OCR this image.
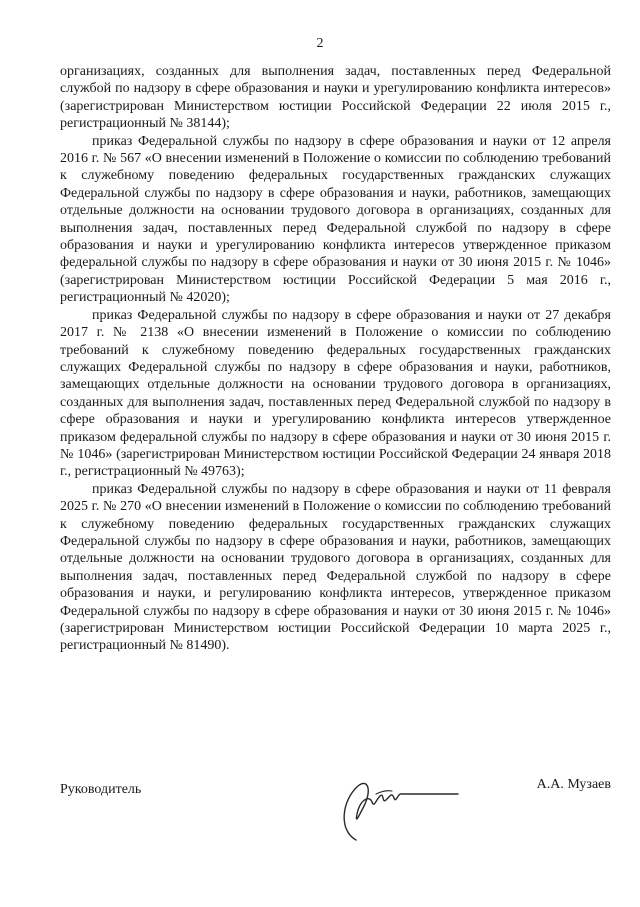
2

организациях, созданных для выполнения задач, поставленных перед Федеральной службой по надзору в сфере образования и науки и урегулированию конфликта интересов» (зарегистрирован Министерством юстиции Российской Федерации 22 июля 2015 г., регистрационный № 38144);

приказ Федеральной службы по надзору в сфере образования и науки от 12 апреля 2016 г. № 567 «О внесении изменений в Положение о комиссии по соблюдению требований к служебному поведению федеральных государственных гражданских служащих Федеральной службы по надзору в сфере образования и науки, работников, замещающих отдельные должности на основании трудового договора в организациях, созданных для выполнения задач, поставленных перед Федеральной службой по надзору в сфере образования и науки и урегулированию конфликта интересов утвержденное приказом федеральной службы по надзору в сфере образования и науки от 30 июня 2015 г. № 1046» (зарегистрирован Министерством юстиции Российской Федерации 5 мая 2016 г., регистрационный № 42020);

приказ Федеральной службы по надзору в сфере образования и науки от 27 декабря 2017 г. № 2138 «О внесении изменений в Положение о комиссии по соблюдению требований к служебному поведению федеральных государственных гражданских служащих Федеральной службы по надзору в сфере образования и науки, работников, замещающих отдельные должности на основании трудового договора в организациях, созданных для выполнения задач, поставленных перед Федеральной службой по надзору в сфере образования и науки и урегулированию конфликта интересов утвержденное приказом федеральной службы по надзору в сфере образования и науки от 30 июня 2015 г. № 1046» (зарегистрирован Министерством юстиции Российской Федерации 24 января 2018 г., регистрационный № 49763);

приказ Федеральной службы по надзору в сфере образования и науки от 11 февраля 2025 г. № 270 «О внесении изменений в Положение о комиссии по соблюдению требований к служебному поведению федеральных государственных гражданских служащих Федеральной службы по надзору в сфере образования и науки, работников, замещающих отдельные должности на основании трудового договора в организациях, созданных для выполнения задач, поставленных перед Федеральной службой по надзору в сфере образования и науки, и регулированию конфликта интересов, утвержденное приказом Федеральной службы по надзору в сфере образования и науки от 30 июня 2015 г. № 1046» (зарегистрирован Министерством юстиции Российской Федерации 10 марта 2025 г., регистрационный № 81490).

Руководитель	А.А. Музаев
